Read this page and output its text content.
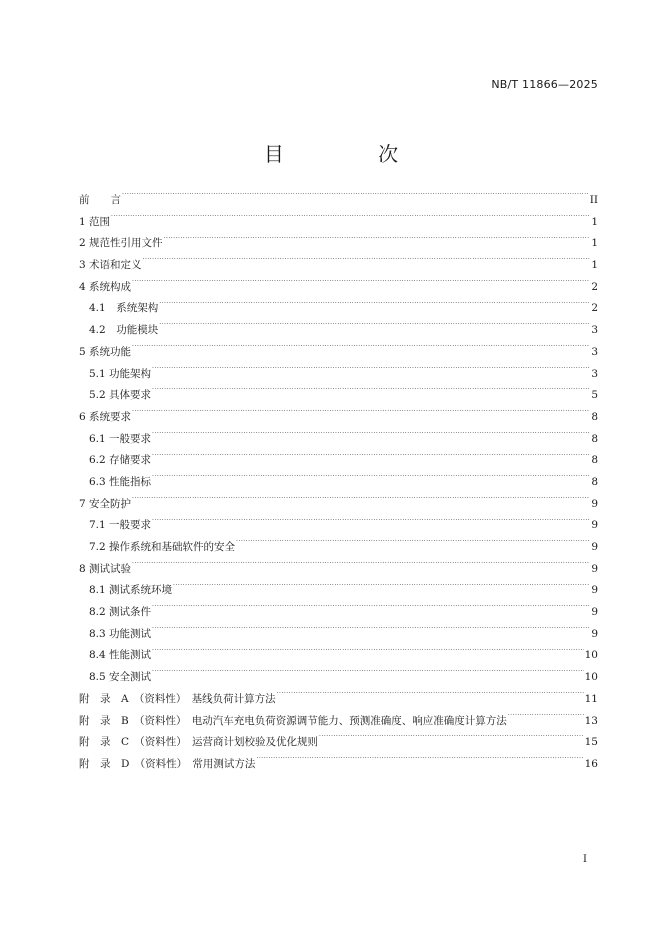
NB/T 11866—2025
目 次
前　　言 .....	II
1 范围 .....	1
2 规范性引用文件 .....	1
3 术语和定义 .....	1
4 系统构成 .....	2
4.1　系统架构 .....	2
4.2　功能模块 .....	3
5 系统功能 .....	3
5.1 功能架构 .....	3
5.2 具体要求 .....	5
6 系统要求 .....	8
6.1 一般要求 .....	8
6.2 存储要求 .....	8
6.3 性能指标 .....	8
7 安全防护 .....	9
7.1 一般要求 .....	9
7.2 操作系统和基础软件的安全 .....	9
8 测试试验 .....	9
8.1 测试系统环境 .....	9
8.2 测试条件 .....	9
8.3 功能测试 .....	9
8.4 性能测试 .....	10
8.5 安全测试 .....	10
附　录　A　（资料性）　基线负荷计算方法 .....	11
附　录　B　（资料性）　电动汽车充电负荷资源调节能力、预测准确度、响应准确度计算方法 .....	13
附　录　C　（资料性）　运营商计划校验及优化规则 .....	15
附　录　D　（资料性）　常用测试方法 .....	16
I
